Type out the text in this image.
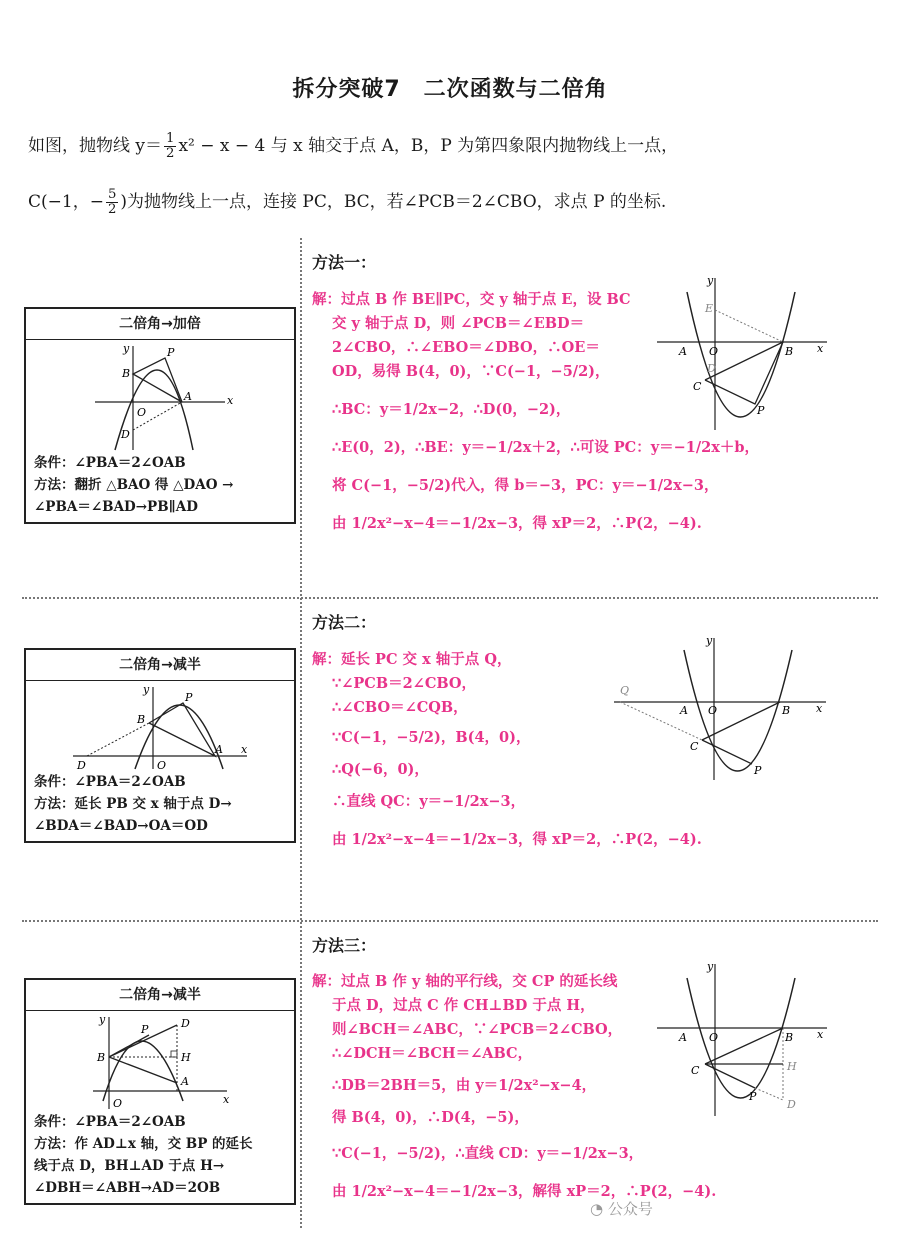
拆分突破7　二次函数与二倍角
如图，抛物线 $y= \frac{1}{2} x^2 - x - 4$ 与 x 轴交于点 A，B，P 为第四象限内抛物线上一点，
C(−1，− $\frac{5}{2}$ )为抛物线上一点，连接 PC，BC，若∠PCB＝2∠CBO，求点 P 的坐标.
方法一：
二倍角→加倍
y
x
B
P
A
O
D
条件：∠PBA＝2∠OAB
方法：翻折 △BAO 得 △DAO →
∠PBA＝∠BAD→PB∥AD
解：过点 B 作 BE∥PC，交 y 轴于点 E，设 BC
交 y 轴于点 D，则 ∠PCB＝∠EBD＝
2∠CBO，∴∠EBO＝∠DBO，∴OE＝
OD，易得 B(4，0)，∵C(−1，−5/2)，
∴BC：y＝1/2x−2，∴D(0，−2)，
∴E(0，2)，∴BE：y＝−1/2x＋2，∴可设 PC：y＝−1/2x＋b，
将 C(−1，−5/2)代入，得 b＝−3，PC：y＝−1/2x−3，
由 1/2x²−x−4＝−1/2x−3，得 xP＝2，∴P(2，−4).
y
x
E
A O	B
D
C
P
方法二：
二倍角→减半
y
x
B
P
A
O
D
条件：∠PBA＝2∠OAB
方法：延长 PB 交 x 轴于点 D→
∠BDA＝∠BAD→OA＝OD
解：延长 PC 交 x 轴于点 Q，
∵∠PCB＝2∠CBO，
∴∠CBO＝∠CQB，
∵C(−1，−5/2)，B(4，0)，
∴Q(−6，0)，
∴直线 QC：y＝−1/2x−3，
由 1/2x²−x−4＝−1/2x−3，得 xP＝2，∴P(2，−4).
y
x
Q
A O	B
C
P
方法三：
二倍角→减半
y
x
B
P	D
H
A
O
条件：∠PBA＝2∠OAB
方法：作 AD⊥x 轴，交 BP 的延长
线于点 D，BH⊥AD 于点 H→
∠DBH＝∠ABH→AD＝2OB
解：过点 B 作 y 轴的平行线，交 CP 的延长线
于点 D，过点 C 作 CH⊥BD 于点 H，
则∠BCH＝∠ABC，∵∠PCB＝2∠CBO，
∴∠DCH＝∠BCH＝∠ABC，
∴DB＝2BH＝5，由 y＝1/2x²−x−4，
得 B(4，0)，∴D(4，−5)，
∵C(−1，−5/2)，∴直线 CD：y＝−1/2x−3，
由 1/2x²−x−4＝−1/2x−3，解得 xP＝2，∴P(2，−4).
y
x
A O	B
H
C
P
D
◔ 公众号
